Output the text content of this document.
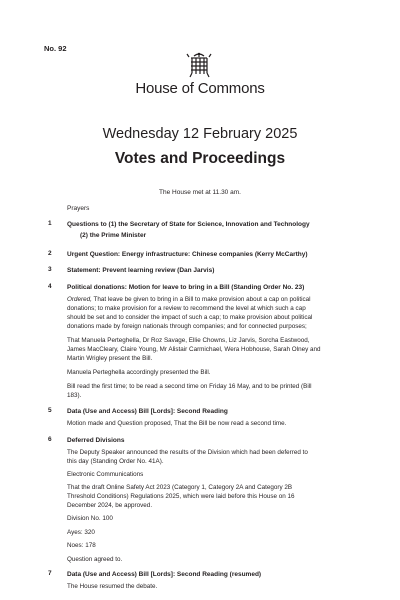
No. 92
House of Commons
Wednesday 12 February 2025
Votes and Proceedings
The House met at 11.30 am.
Prayers
1 Questions to (1) the Secretary of State for Science, Innovation and Technology
(2) the Prime Minister
2 Urgent Question: Energy infrastructure: Chinese companies (Kerry McCarthy)
3 Statement: Prevent learning review (Dan Jarvis)
4 Political donations: Motion for leave to bring in a Bill (Standing Order No. 23)
Ordered, That leave be given to bring in a Bill to make provision about a cap on political
donations; to make provision for a review to recommend the level at which such a cap
should be set and to consider the impact of such a cap; to make provision about political
donations made by foreign nationals through companies; and for connected purposes;
That Manuela Perteghella, Dr Roz Savage, Ellie Chowns, Liz Jarvis, Sorcha Eastwood,
James MacCleary, Claire Young, Mr Alistair Carmichael, Wera Hobhouse, Sarah Olney and
Martin Wrigley present the Bill.
Manuela Perteghella accordingly presented the Bill.
Bill read the first time; to be read a second time on Friday 16 May, and to be printed (Bill
183).
5 Data (Use and Access) Bill [Lords]: Second Reading
Motion made and Question proposed, That the Bill be now read a second time.
6 Deferred Divisions
The Deputy Speaker announced the results of the Division which had been deferred to
this day (Standing Order No. 41A).
Electronic Communications
That the draft Online Safety Act 2023 (Category 1, Category 2A and Category 2B
Threshold Conditions) Regulations 2025, which were laid before this House on 16
December 2024, be approved.
Division No. 100
Ayes: 320
Noes: 178
Question agreed to.
7 Data (Use and Access) Bill [Lords]: Second Reading (resumed)
The House resumed the debate.
